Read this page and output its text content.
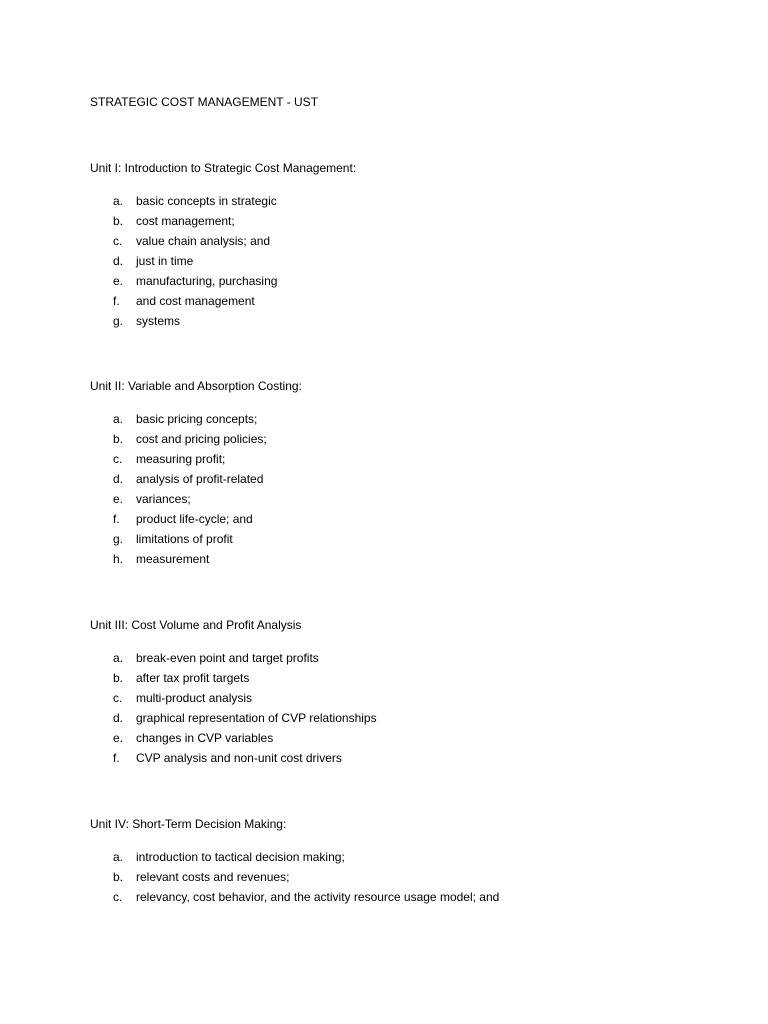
STRATEGIC COST MANAGEMENT - UST
Unit I: Introduction to Strategic Cost Management:
a. basic concepts in strategic
b. cost management;
c. value chain analysis; and
d. just in time
e. manufacturing, purchasing
f. and cost management
g. systems
Unit II: Variable and Absorption Costing:
a. basic pricing concepts;
b. cost and pricing policies;
c. measuring profit;
d. analysis of profit-related
e. variances;
f. product life-cycle; and
g. limitations of profit
h. measurement
Unit III: Cost Volume and Profit Analysis
a. break-even point and target profits
b. after tax profit targets
c. multi-product analysis
d. graphical representation of CVP relationships
e. changes in CVP variables
f. CVP analysis and non-unit cost drivers
Unit IV: Short-Term Decision Making:
a. introduction to tactical decision making;
b. relevant costs and revenues;
c. relevancy, cost behavior, and the activity resource usage model; and
